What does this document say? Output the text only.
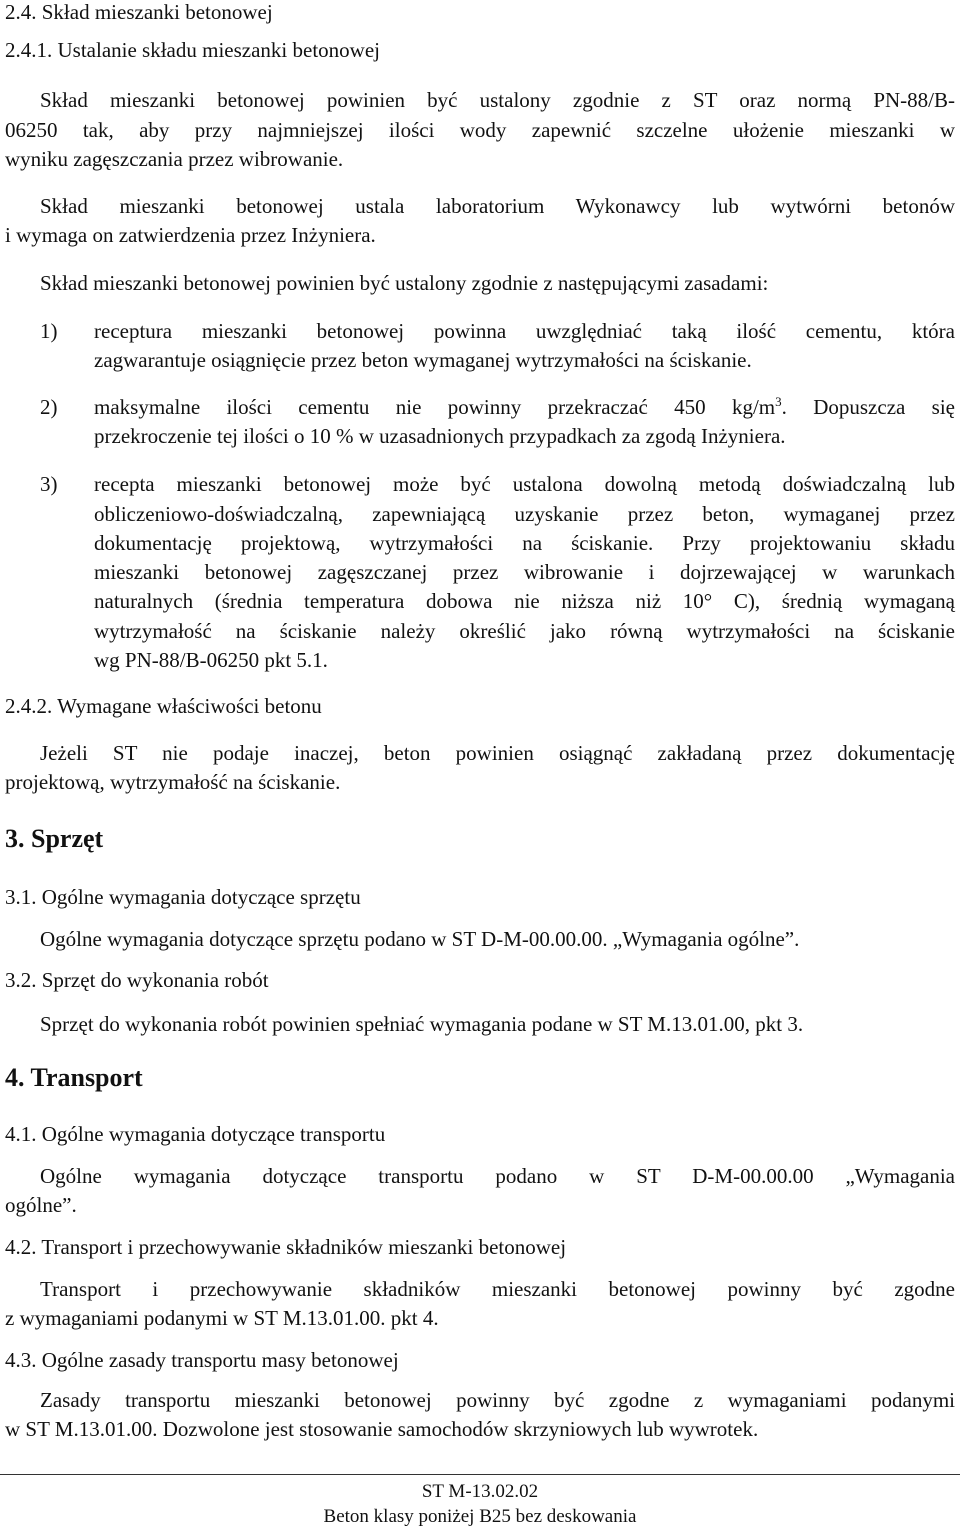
2.4. Skład mieszanki betonowej
2.4.1. Ustalanie składu mieszanki betonowej
Skład mieszanki betonowej powinien być ustalony zgodnie z ST oraz normą PN-88/B-
06250 tak, aby przy najmniejszej ilości wody zapewnić szczelne ułożenie mieszanki w
wyniku zagęszczania przez wibrowanie.
Skład mieszanki betonowej ustala laboratorium Wykonawcy lub wytwórni betonów
i wymaga on zatwierdzenia przez Inżyniera.
Skład mieszanki betonowej powinien być ustalony zgodnie z następującymi zasadami:
1) receptura mieszanki betonowej powinna uwzględniać taką ilość cementu, która
zagwarantuje osiągnięcie przez beton wymaganej wytrzymałości na ściskanie.
2) maksymalne ilości cementu nie powinny przekraczać 450 $kg/m^3$. Dopuszcza się
przekroczenie tej ilości o 10 % w uzasadnionych przypadkach za zgodą Inżyniera.
3) recepta mieszanki betonowej może być ustalona dowolną metodą doświadczalną lub
obliczeniowo-doświadczalną, zapewniającą uzyskanie przez beton, wymaganej przez
dokumentację projektową, wytrzymałości na ściskanie. Przy projektowaniu składu
mieszanki betonowej zagęszczanej przez wibrowanie i dojrzewającej w warunkach
naturalnych (średnia temperatura dobowa nie niższa niż 10° C), średnią wymaganą
wytrzymałość na ściskanie należy określić jako równą wytrzymałości na ściskanie
wg PN-88/B-06250 pkt 5.1.
2.4.2. Wymagane właściwości betonu
Jeżeli ST nie podaje inaczej, beton powinien osiągnąć zakładaną przez dokumentację
projektową, wytrzymałość na ściskanie.
3. Sprzęt
3.1. Ogólne wymagania dotyczące sprzętu
Ogólne wymagania dotyczące sprzętu podano w ST D-M-00.00.00. „Wymagania ogólne”.
3.2. Sprzęt do wykonania robót
Sprzęt do wykonania robót powinien spełniać wymagania podane w ST M.13.01.00, pkt 3.
4. Transport
4.1. Ogólne wymagania dotyczące transportu
Ogólne wymagania dotyczące transportu podano w ST D-M-00.00.00 „Wymagania
ogólne”.
4.2. Transport i przechowywanie składników mieszanki betonowej
Transport i przechowywanie składników mieszanki betonowej powinny być zgodne
z wymaganiami podanymi w ST M.13.01.00. pkt 4.
4.3. Ogólne zasady transportu masy betonowej
Zasady transportu mieszanki betonowej powinny być zgodne z wymaganiami podanymi
w ST M.13.01.00. Dozwolone jest stosowanie samochodów skrzyniowych lub wywrotek.
ST M-13.02.02
Beton klasy poniżej B25 bez deskowania
